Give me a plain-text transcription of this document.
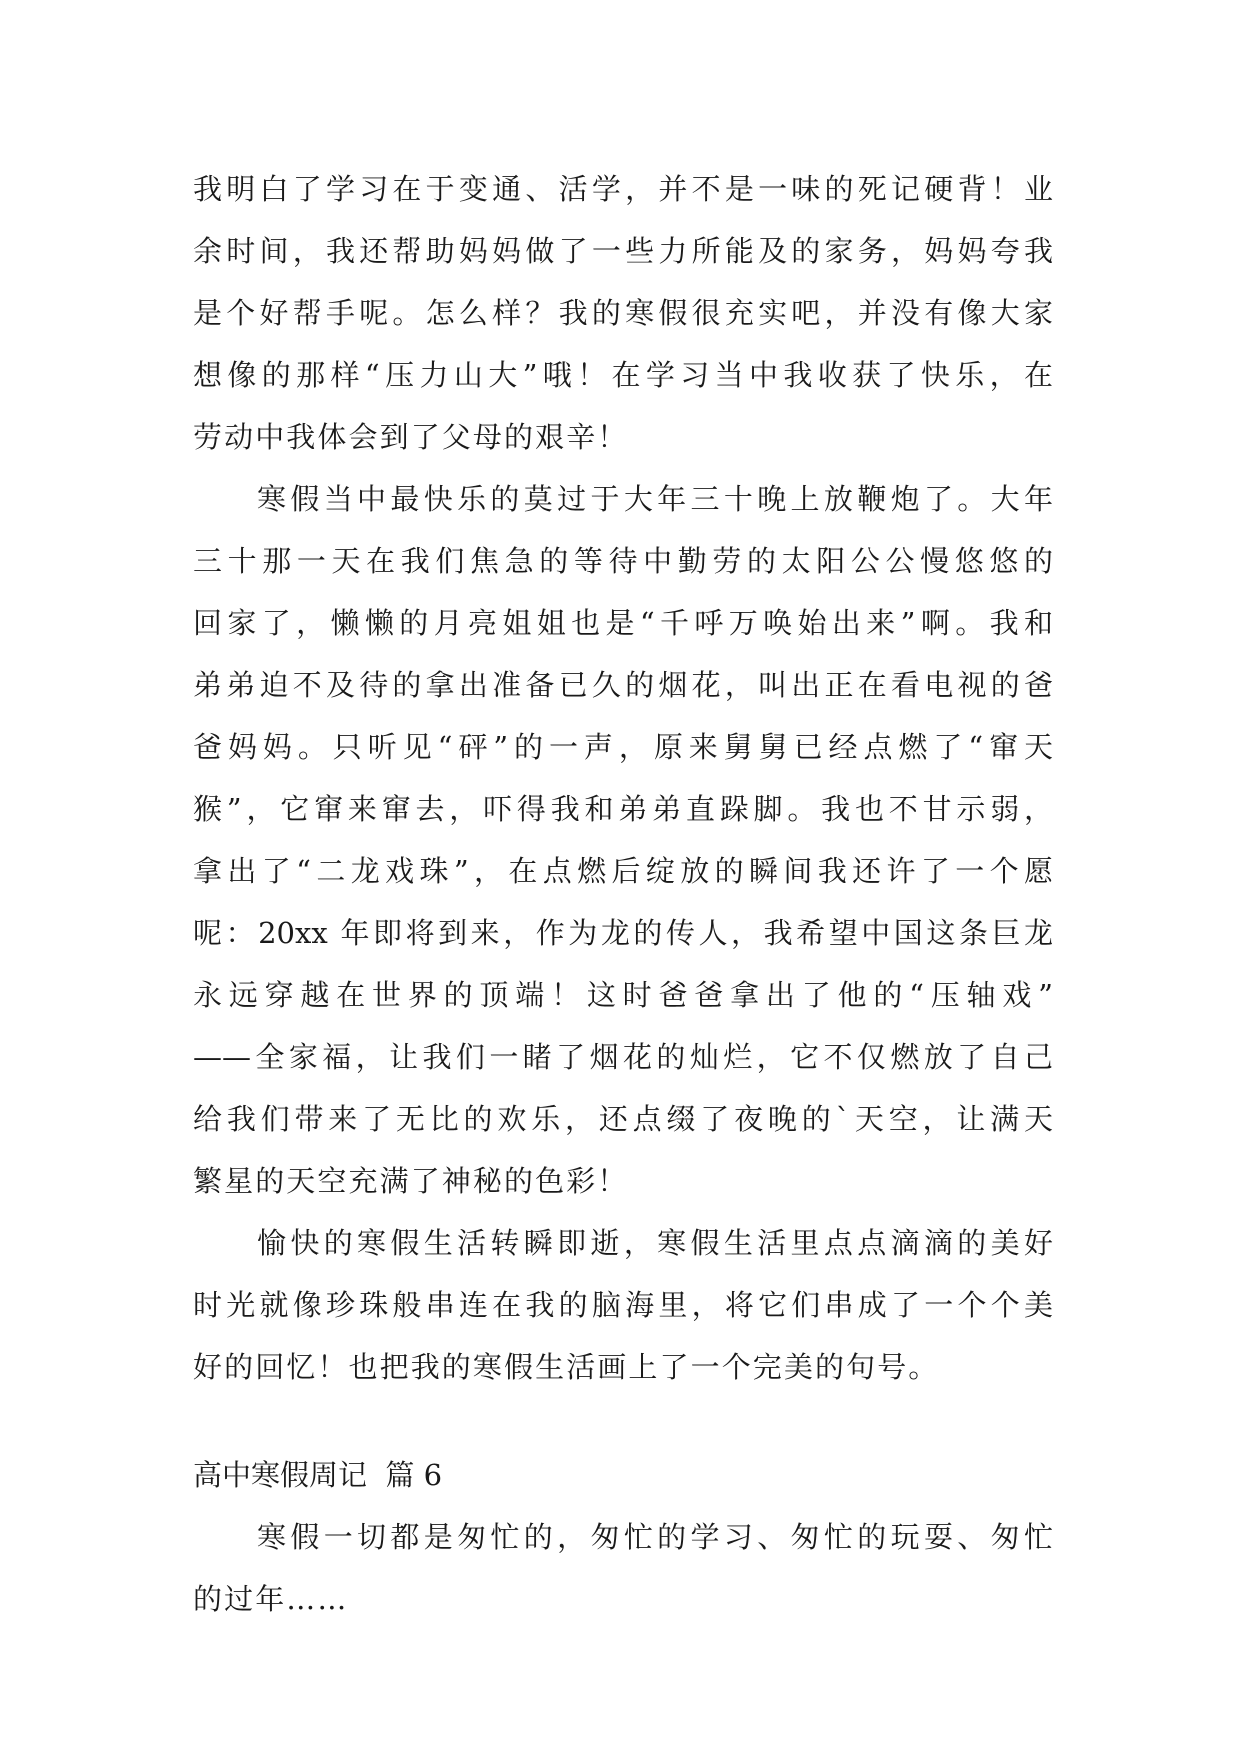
我明白了学习在于变通、活学，并不是一味的死记硬背！业
余时间，我还帮助妈妈做了一些力所能及的家务，妈妈夸我
是个好帮手呢。怎么样？我的寒假很充实吧，并没有像大家
想像的那样“压力山大”哦！在学习当中我收获了快乐，在
劳动中我体会到了父母的艰辛！
寒假当中最快乐的莫过于大年三十晚上放鞭炮了。大年
三十那一天在我们焦急的等待中勤劳的太阳公公慢悠悠的
回家了，懒懒的月亮姐姐也是“千呼万唤始出来”啊。我和
弟弟迫不及待的拿出准备已久的烟花，叫出正在看电视的爸
爸妈妈。只听见“砰”的一声，原来舅舅已经点燃了“窜天
猴”，它窜来窜去，吓得我和弟弟直跺脚。我也不甘示弱，
拿出了“二龙戏珠”，在点燃后绽放的瞬间我还许了一个愿
呢：20xx 年即将到来，作为龙的传人，我希望中国这条巨龙
永远穿越在世界的顶端！这时爸爸拿出了他的“压轴戏”
——全家福，让我们一睹了烟花的灿烂，它不仅燃放了自己
给我们带来了无比的欢乐，还点缀了夜晚的`天空，让满天
繁星的天空充满了神秘的色彩！
愉快的寒假生活转瞬即逝，寒假生活里点点滴滴的美好
时光就像珍珠般串连在我的脑海里，将它们串成了一个个美
好的回忆！也把我的寒假生活画上了一个完美的句号。
高中寒假周记  篇 6
寒假一切都是匆忙的，匆忙的学习、匆忙的玩耍、匆忙
的过年……
